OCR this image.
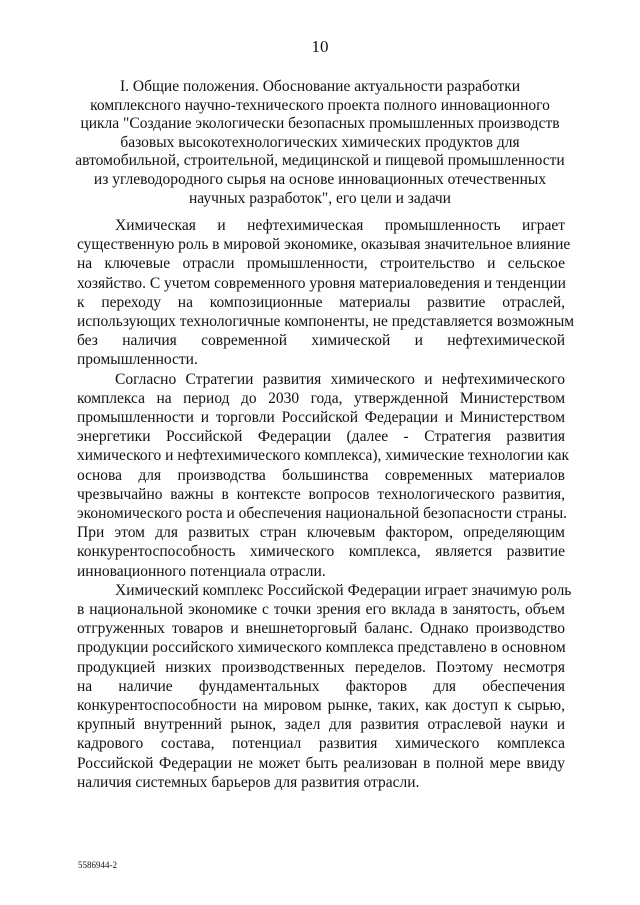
10
I. Общие положения. Обоснование актуальности разработки
комплексного научно-технического проекта полного инновационного
цикла "Создание экологически безопасных промышленных производств
базовых высокотехнологических химических продуктов для
автомобильной, строительной, медицинской и пищевой промышленности
из углеводородного сырья на основе инновационных отечественных
научных разработок", его цели и задачи
Химическая и нефтехимическая промышленность играет
существенную роль в мировой экономике, оказывая значительное влияние
на ключевые отрасли промышленности, строительство и сельское
хозяйство. С учетом современного уровня материаловедения и тенденции
к переходу на композиционные материалы развитие отраслей,
использующих технологичные компоненты, не представляется возможным
без наличия современной химической и нефтехимической
промышленности.
Согласно Стратегии развития химического и нефтехимического
комплекса на период до 2030 года, утвержденной Министерством
промышленности и торговли Российской Федерации и Министерством
энергетики Российской Федерации (далее - Стратегия развития
химического и нефтехимического комплекса), химические технологии как
основа для производства большинства современных материалов
чрезвычайно важны в контексте вопросов технологического развития,
экономического роста и обеспечения национальной безопасности страны.
При этом для развитых стран ключевым фактором, определяющим
конкурентоспособность химического комплекса, является развитие
инновационного потенциала отрасли.
Химический комплекс Российской Федерации играет значимую роль
в национальной экономике с точки зрения его вклада в занятость, объем
отгруженных товаров и внешнеторговый баланс. Однако производство
продукции российского химического комплекса представлено в основном
продукцией низких производственных переделов. Поэтому несмотря
на наличие фундаментальных факторов для обеспечения
конкурентоспособности на мировом рынке, таких, как доступ к сырью,
крупный внутренний рынок, задел для развития отраслевой науки и
кадрового состава, потенциал развития химического комплекса
Российской Федерации не может быть реализован в полной мере ввиду
наличия системных барьеров для развития отрасли.
5586944-2
